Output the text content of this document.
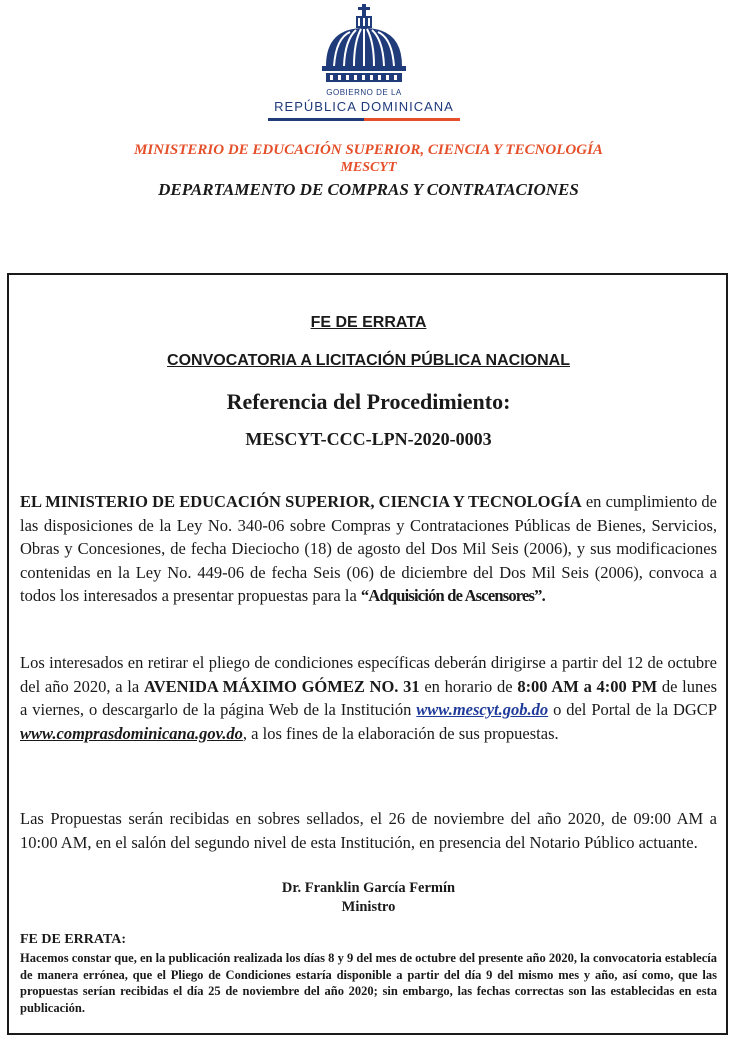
GOBIERNO DE LA
REPÚBLICA DOMINICANA
MINISTERIO DE EDUCACIÓN SUPERIOR, CIENCIA Y TECNOLOGÍA
MESCYT
DEPARTAMENTO DE COMPRAS Y CONTRATACIONES
FE DE ERRATA
CONVOCATORIA A LICITACIÓN PÚBLICA NACIONAL
Referencia del Procedimiento:
MESCYT-CCC-LPN-2020-0003

EL MINISTERIO DE EDUCACIÓN SUPERIOR, CIENCIA Y TECNOLOGÍA en cumplimiento de las disposiciones de la Ley No. 340-06 sobre Compras y Contrataciones Públicas de Bienes, Servicios, Obras y Concesiones, de fecha Dieciocho (18) de agosto del Dos Mil Seis (2006), y sus modificaciones contenidas en la Ley No. 449-06 de fecha Seis (06) de diciembre del Dos Mil Seis (2006), convoca a todos los interesados a presentar propuestas para la “Adquisición de Ascensores”.

Los interesados en retirar el pliego de condiciones específicas deberán dirigirse a partir del 12 de octubre del año 2020, a la AVENIDA MÁXIMO GÓMEZ NO. 31 en horario de 8:00 AM a 4:00 PM de lunes a viernes, o descargarlo de la página Web de la Institución www.mescyt.gob.do o del Portal de la DGCP www.comprasdominicana.gov.do, a los fines de la elaboración de sus propuestas.

Las Propuestas serán recibidas en sobres sellados, el 26 de noviembre del año 2020, de 09:00 AM a 10:00 AM, en el salón del segundo nivel de esta Institución, en presencia del Notario Público actuante.

Dr. Franklin García Fermín
Ministro
FE DE ERRATA:

Hacemos constar que, en la publicación realizada los días 8 y 9 del mes de octubre del presente año 2020, la convocatoria establecía de manera errónea, que el Pliego de Condiciones estaría disponible a partir del día 9 del mismo mes y año, así como, que las propuestas serían recibidas el día 25 de noviembre del año 2020; sin embargo, las fechas correctas son las establecidas en esta publicación.
